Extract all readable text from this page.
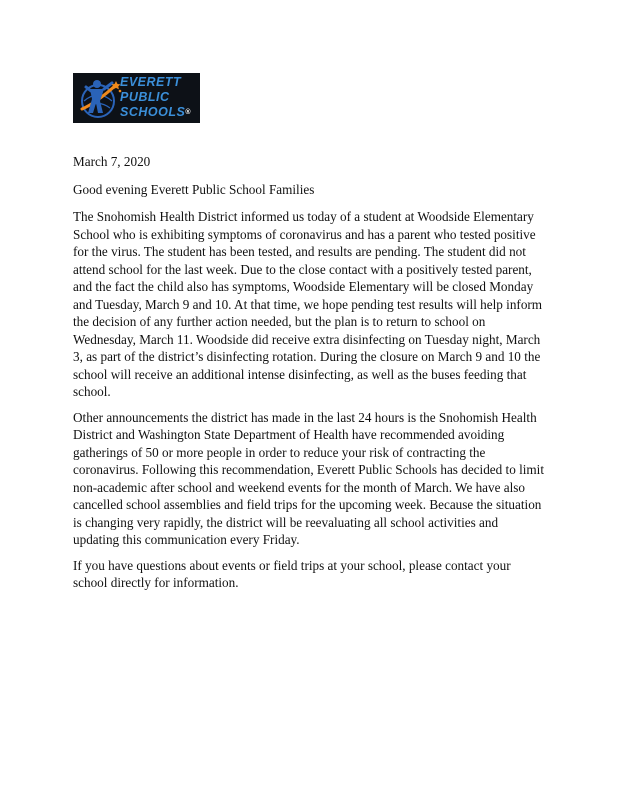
EVERETT
PUBLIC
SCHOOLS®

March 7, 2020

Good evening Everett Public School Families

The Snohomish Health District informed us today of a student at Woodside Elementary School who is exhibiting symptoms of coronavirus and has a parent who tested positive for the virus. The student has been tested, and results are pending. The student did not attend school for the last week. Due to the close contact with a positively tested parent, and the fact the child also has symptoms, Woodside Elementary will be closed Monday and Tuesday, March 9 and 10. At that time, we hope pending test results will help inform the decision of any further action needed, but the plan is to return to school on Wednesday, March 11. Woodside did receive extra disinfecting on Tuesday night, March 3, as part of the district’s disinfecting rotation. During the closure on March 9 and 10 the school will receive an additional intense disinfecting, as well as the buses feeding that school.

Other announcements the district has made in the last 24 hours is the Snohomish Health District and Washington State Department of Health have recommended avoiding gatherings of 50 or more people in order to reduce your risk of contracting the coronavirus. Following this recommendation, Everett Public Schools has decided to limit non-academic after school and weekend events for the month of March. We have also cancelled school assemblies and field trips for the upcoming week. Because the situation is changing very rapidly, the district will be reevaluating all school activities and updating this communication every Friday.

If you have questions about events or field trips at your school, please contact your school directly for information.
